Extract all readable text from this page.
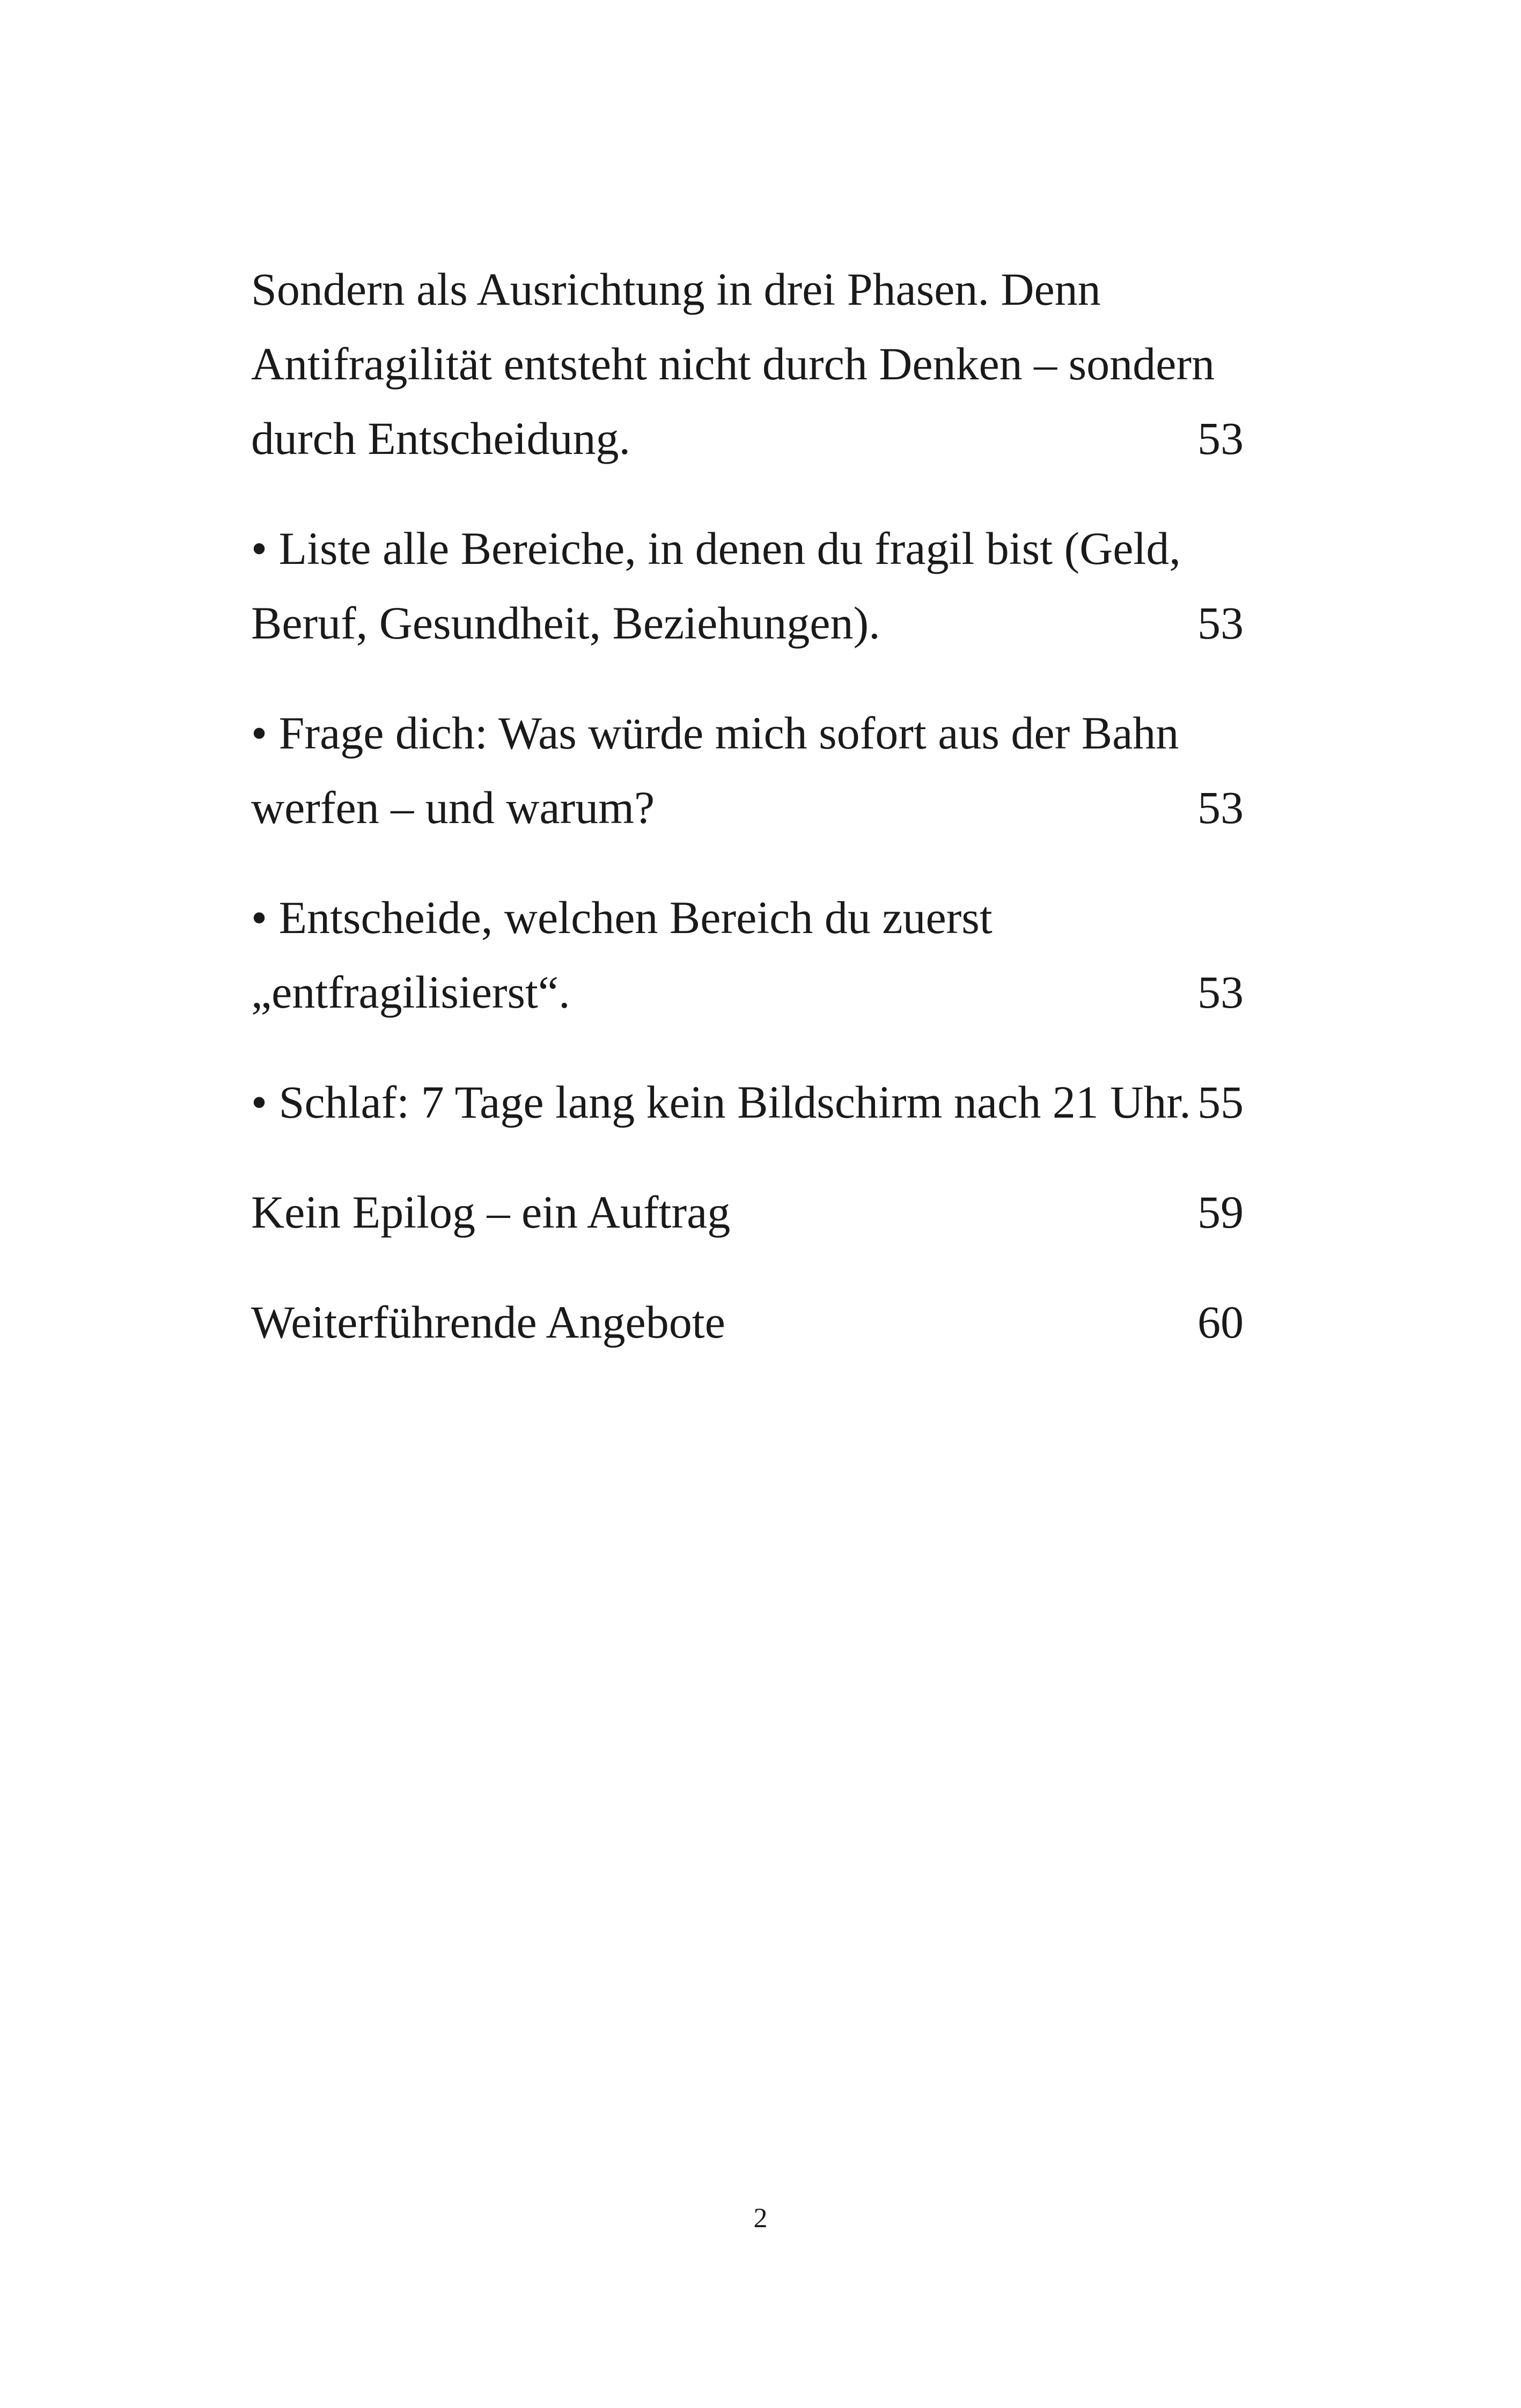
Sondern als Ausrichtung in drei Phasen. Denn
Antifragilität entsteht nicht durch Denken – sondern
durch Entscheidung.	53
• Liste alle Bereiche, in denen du fragil bist (Geld,
Beruf, Gesundheit, Beziehungen).	53
• Frage dich: Was würde mich sofort aus der Bahn
werfen – und warum?	53
• Entscheide, welchen Bereich du zuerst
„entfragilisierst“.	53
• Schlaf: 7 Tage lang kein Bildschirm nach 21 Uhr. 55
Kein Epilog – ein Auftrag	59
Weiterführende Angebote	60
2
